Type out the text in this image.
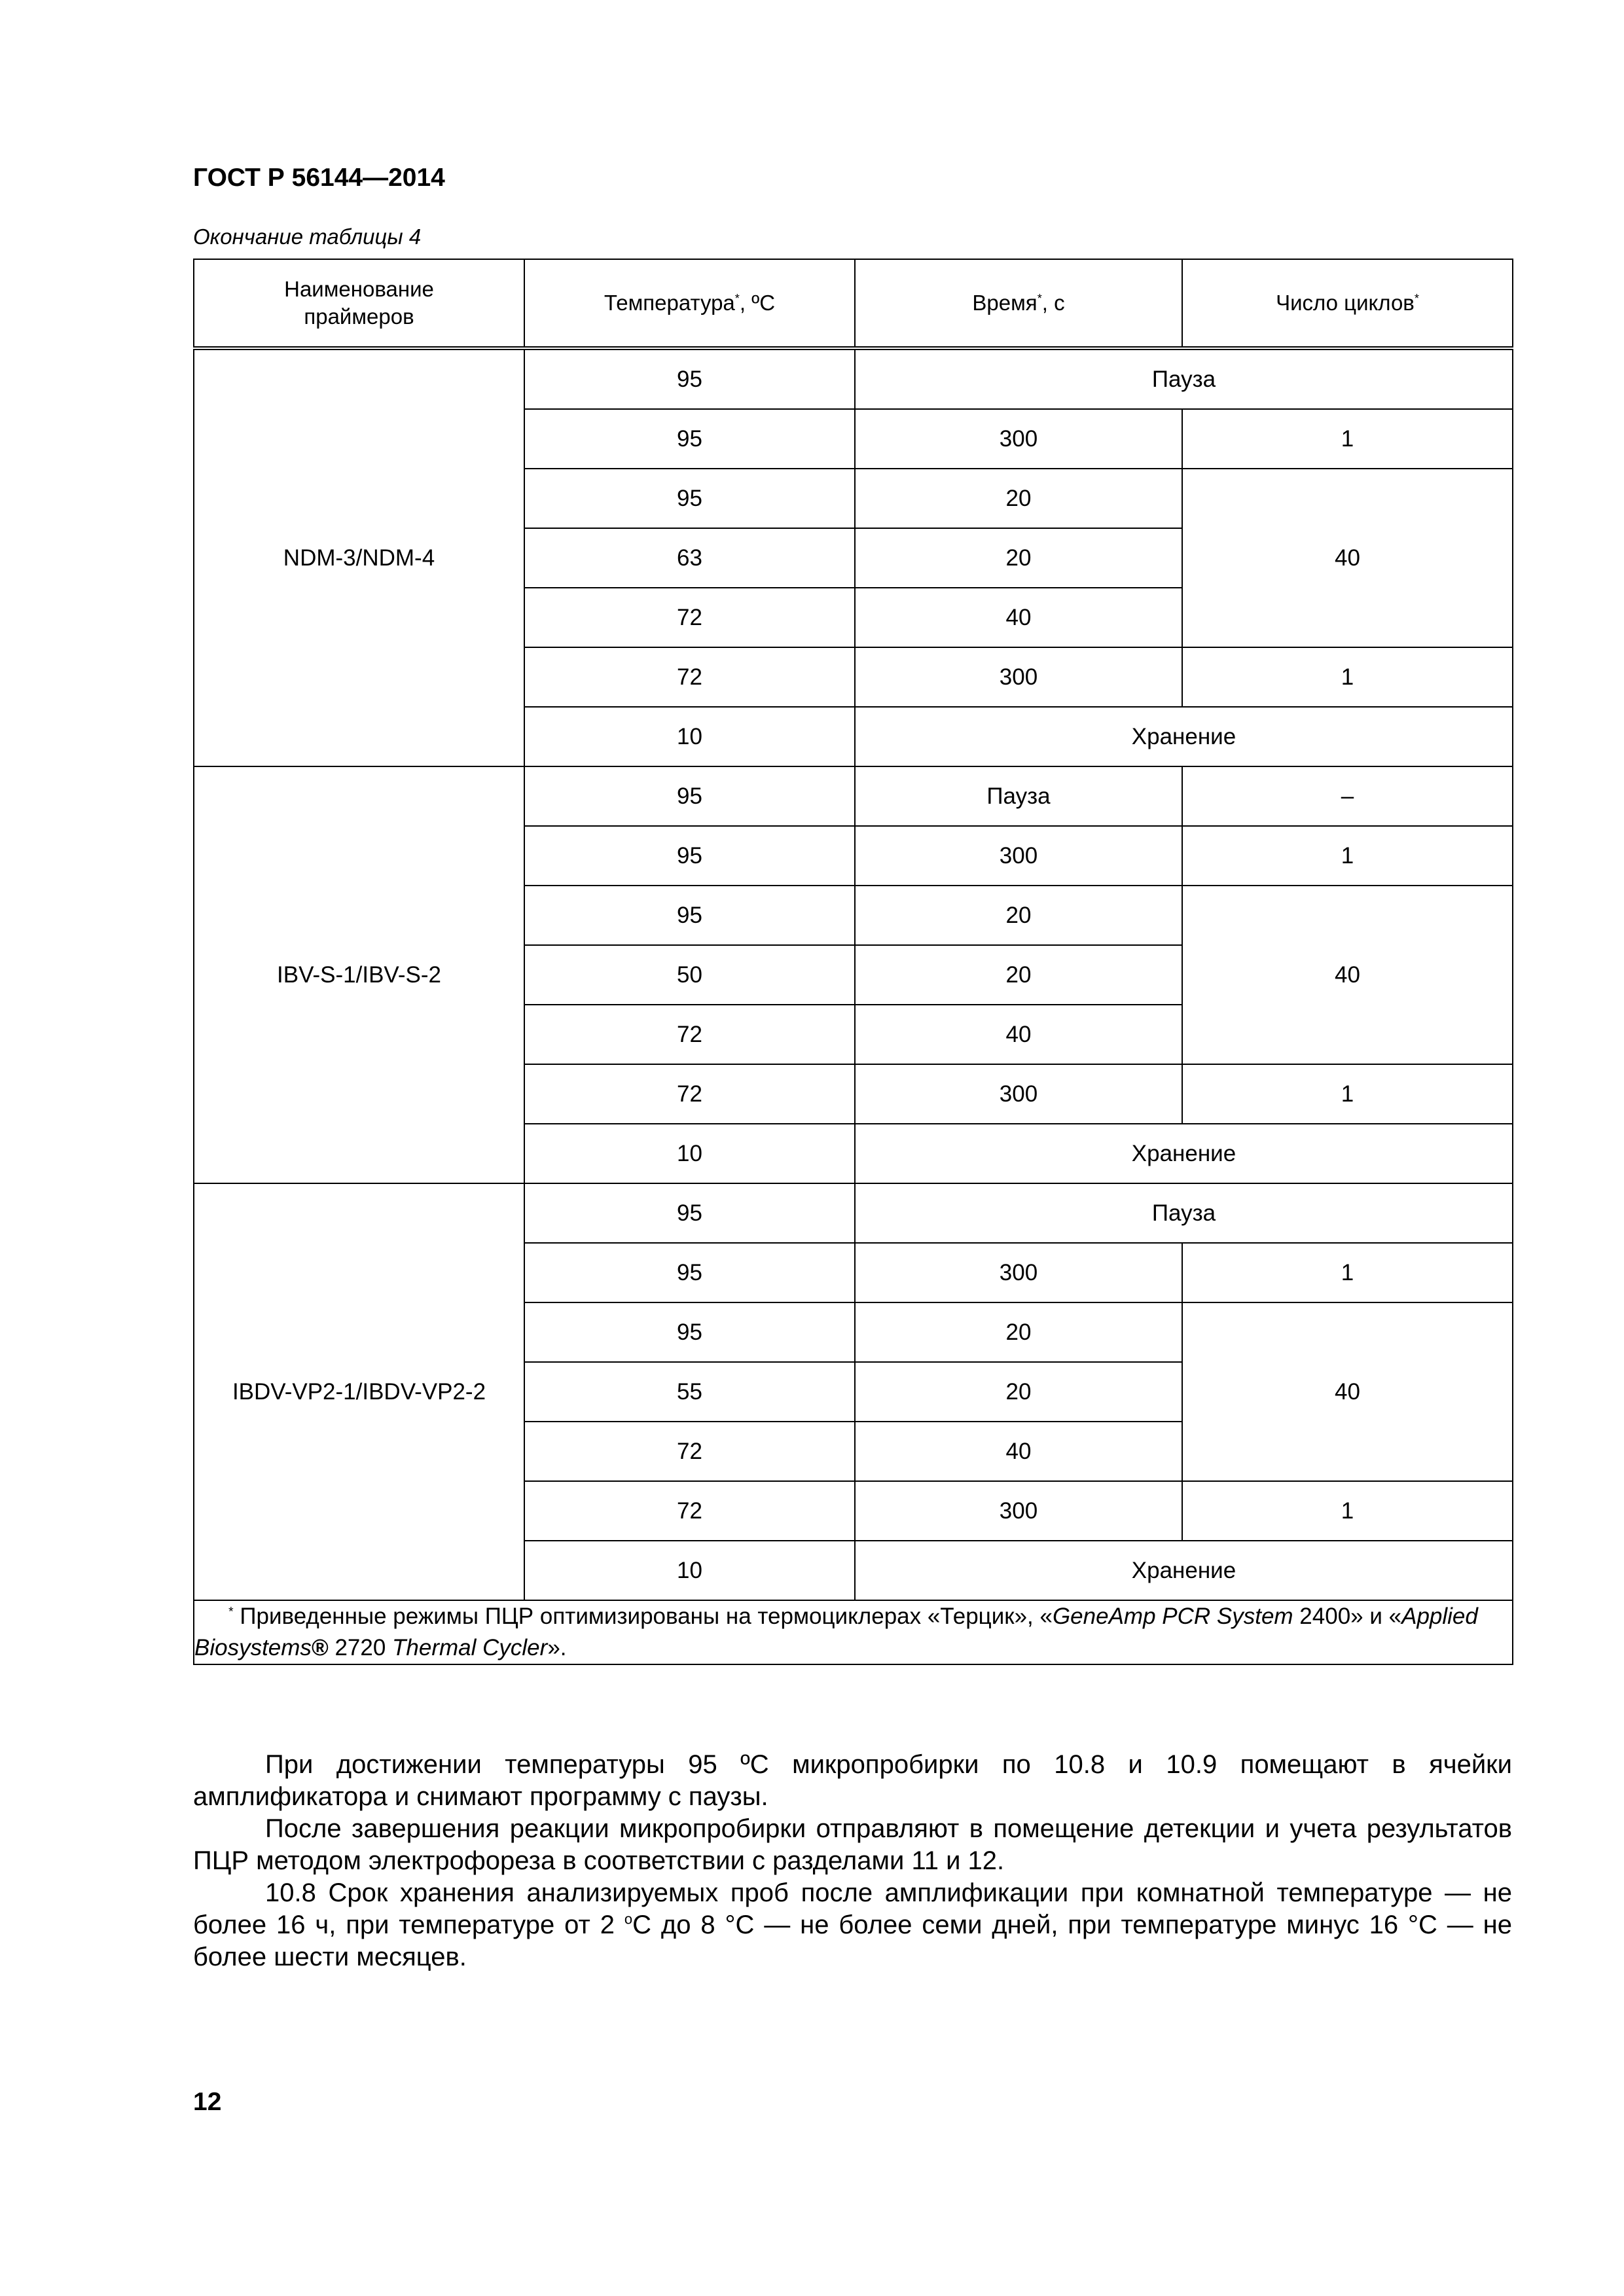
ГОСТ Р 56144—2014
Окончание таблицы 4
Наименование праймеров	Температура*, ºС	Время*, с	Число циклов*
NDM-3/NDM-4	95	Пауза	
	95	300	1
	95	20	40
	63	20	
	72	40	
	72	300	1
	10	Хранение	
IBV-S-1/IBV-S-2	95	Пауза	–
	95	300	1
	95	20	40
	50	20	
	72	40	
	72	300	1
	10	Хранение	
IBDV-VP2-1/IBDV-VP2-2	95	Пауза	
	95	300	1
	95	20	40
	55	20	
	72	40	
	72	300	1
	10	Хранение	
* Приведенные режимы ПЦР оптимизированы на термоциклерах «Терцик», «GeneAmp PCR System 2400» и «Applied Biosystems® 2720 Thermal Cycler».			

При достижении температуры 95 ºС микропробирки по 10.8 и 10.9 помещают в ячейки амплификатора и снимают программу с паузы.

После завершения реакции микропробирки отправляют в помещение детекции и учета результатов ПЦР методом электрофореза в соответствии с разделами 11 и 12.

10.8 Срок хранения анализируемых проб после амплификации при комнатной температуре — не более 16 ч, при температуре от 2 $^о$С до 8 °С — не более семи дней, при температуре минус 16 °С — не более шести месяцев.

12
